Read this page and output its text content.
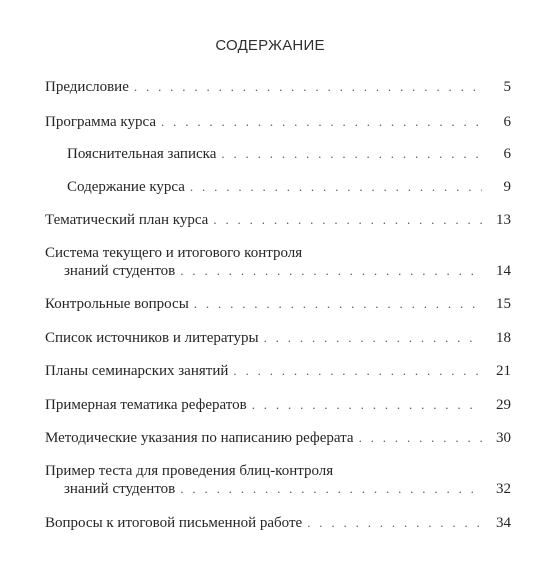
СОДЕРЖАНИЕ
Предисловие . . .	5
Программа курса . . .	6
Пояснительная записка . . .	6
Содержание курса . . .	9
Тематический план курса . . .	13
Система текущего и итогового контроля
знаний студентов . . .	14
Контрольные вопросы . . .	15
Список источников и литературы . . .	18
Планы семинарских занятий . . .	21
Примерная тематика рефератов . . .	29
Методические указания по написанию реферата . . .	30
Пример теста для проведения блиц-контроля
знаний студентов . . .	32
Вопросы к итоговой письменной работе . . .	34
